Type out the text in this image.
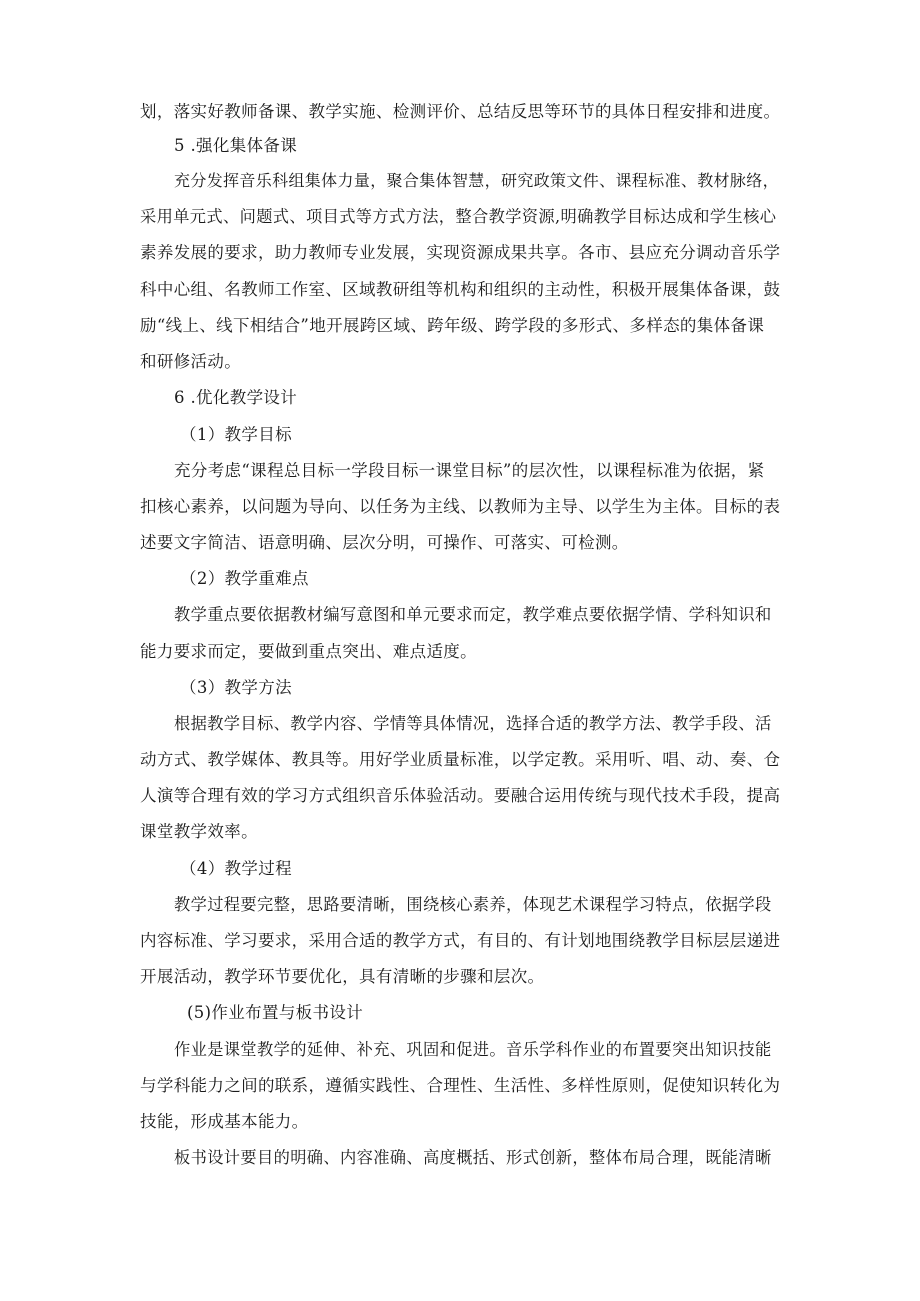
划，落实好教师备课、教学实施、检测评价、总结反思等环节的具体日程安排和进度。
5 .强化集体备课
充分发挥音乐科组集体力量，聚合集体智慧，研究政策文件、课程标准、教材脉络，
采用单元式、问题式、项目式等方式方法，整合教学资源,明确教学目标达成和学生核心
素养发展的要求，助力教师专业发展，实现资源成果共享。各市、县应充分调动音乐学
科中心组、名教师工作室、区域教研组等机构和组织的主动性，积极开展集体备课，鼓
励“线上、线下相结合”地开展跨区域、跨年级、跨学段的多形式、多样态的集体备课
和研修活动。
6 .优化教学设计
（1）教学目标
充分考虑“课程总目标一学段目标一课堂目标”的层次性，以课程标准为依据，紧
扣核心素养，以问题为导向、以任务为主线、以教师为主导、以学生为主体。目标的表
述要文字简洁、语意明确、层次分明，可操作、可落实、可检测。
（2）教学重难点
教学重点要依据教材编写意图和单元要求而定，教学难点要依据学情、学科知识和
能力要求而定，要做到重点突出、难点适度。
（3）教学方法
根据教学目标、教学内容、学情等具体情况，选择合适的教学方法、教学手段、活
动方式、教学媒体、教具等。用好学业质量标准，以学定教。采用听、唱、动、奏、仓
人演等合理有效的学习方式组织音乐体验活动。要融合运用传统与现代技术手段，提高
课堂教学效率。
（4）教学过程
教学过程要完整，思路要清晰，围绕核心素养，体现艺术课程学习特点，依据学段
内容标准、学习要求，采用合适的教学方式，有目的、有计划地围绕教学目标层层递进
开展活动，教学环节要优化，具有清晰的步骤和层次。
(5)作业布置与板书设计
作业是课堂教学的延伸、补充、巩固和促进。音乐学科作业的布置要突出知识技能
与学科能力之间的联系，遵循实践性、合理性、生活性、多样性原则，促使知识转化为
技能，形成基本能力。
板书设计要目的明确、内容准确、高度概括、形式创新，整体布局合理，既能清晰
